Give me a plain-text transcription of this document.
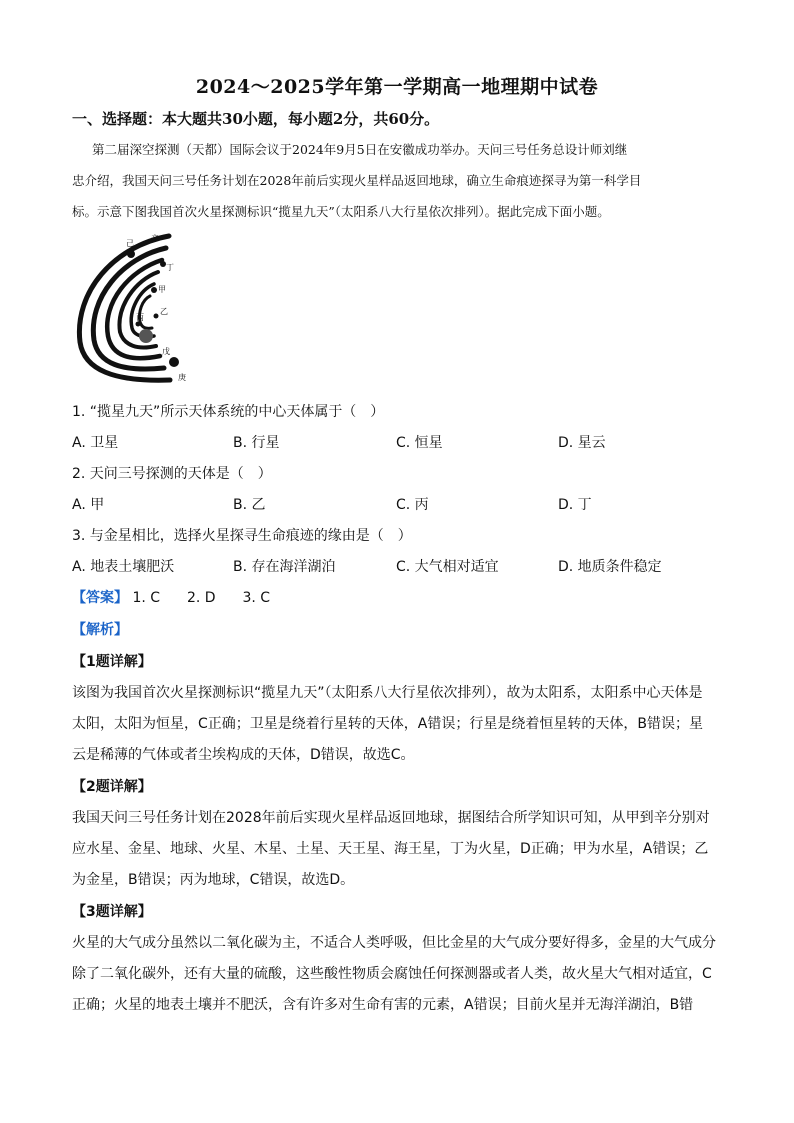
2024～2025学年第一学期高一地理期中试卷
一、选择题：本大题共30小题，每小题2分，共60分。
第二届深空探测（天都）国际会议于2024年9月5日在安徽成功举办。天问三号任务总设计师刘继
忠介绍，我国天问三号任务计划在2028年前后实现火星样品返回地球，确立生命痕迹探寻为第一科学目
标。示意下图我国首次火星探测标识“揽星九天”（太阳系八大行星依次排列）。据此完成下面小题。
辛
己
丁
甲
乙
丙
戊
庚
1. “揽星九天”所示天体系统的中心天体属于（　）
A. 卫星	B. 行星	C. 恒星	D. 星云
2. 天问三号探测的天体是（　）
A. 甲	B. 乙	C. 丙	D. 丁
3. 与金星相比，选择火星探寻生命痕迹的缘由是（　）
A. 地表土壤肥沃	B. 存在海洋湖泊	C. 大气相对适宜	D. 地质条件稳定
【答案】 1. C 2. D 3. C
【解析】
【1题详解】
该图为我国首次火星探测标识“揽星九天”（太阳系八大行星依次排列），故为太阳系，太阳系中心天体是
太阳，太阳为恒星，C正确；卫星是绕着行星转的天体，A错误；行星是绕着恒星转的天体，B错误；星
云是稀薄的气体或者尘埃构成的天体，D错误，故选C。
【2题详解】
我国天问三号任务计划在2028年前后实现火星样品返回地球，据图结合所学知识可知，从甲到辛分别对
应水星、金星、地球、火星、木星、土星、天王星、海王星，丁为火星，D正确；甲为水星，A错误；乙
为金星，B错误；丙为地球，C错误，故选D。
【3题详解】
火星的大气成分虽然以二氧化碳为主，不适合人类呼吸，但比金星的大气成分要好得多，金星的大气成分
除了二氧化碳外，还有大量的硫酸，这些酸性物质会腐蚀任何探测器或者人类，故火星大气相对适宜，C
正确；火星的地表土壤并不肥沃，含有许多对生命有害的元素，A错误；目前火星并无海洋湖泊，B错
